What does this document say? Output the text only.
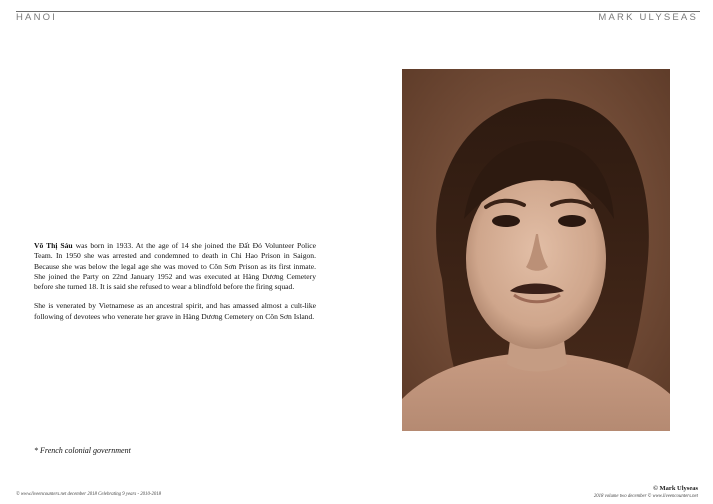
HANOI	MARK ULYSEAS

Võ Thị Sáu was born in 1933. At the age of 14 she joined the Đất Đỏ Volunteer Police Team. In 1950 she was arrested and condemned to death in Chi Hao Prison in Saigon. Because she was below the legal age she was moved to Côn Sơn Prison as its first inmate. She joined the Party on 22nd January 1952 and was executed at Hàng Dương Cemetery before she turned 18. It is said she refused to wear a blindfold before the firing squad.

She is venerated by Vietnamese as an ancestral spirit, and has amassed almost a cult-like following of devotees who venerate her grave in Hàng Dương Cemetery on Côn Sơn Island.

* French colonial government
© www.liveencounters.net december 2018 Celebrating 9 years - 2010-2018
© Mark Ulyseas
2018 volume two december © www.liveencounters.net
